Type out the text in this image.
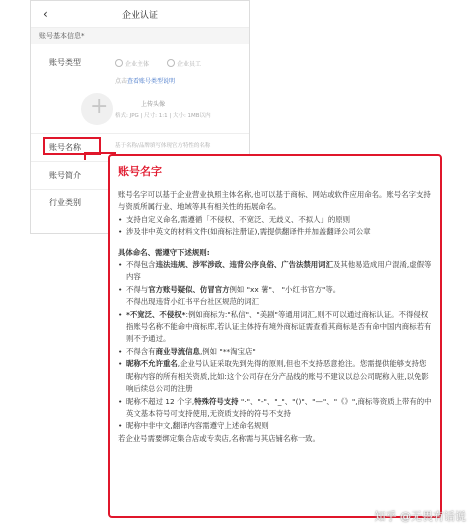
‹	企业认证
账号基本信息*
账号类型	企业主体	企业员工
点击查看账号类型说明
+	上传头像
格式: JPG | 尺寸: 1:1 | 大小: 1MB以内
账号名称	基于名称/品牌填写体现官方特性的名称
账号简介
行业类别
账号名字
账号名字可以基于企业营业执照主体名称,也可以基于商标、网站或软件应用命名。账号名字支持与资质所属行业、地域等具有相关性的拓展命名。
• 支持自定义命名,需遵循「不侵权、不宽泛、无歧义、不拟人」的原则
• 涉及非中英文的材料文件(如商标注册证),需提供翻译件并加盖翻译公司公章
具体命名、需遵守下述规则:
• 不得包含违法违规、涉军涉政、违背公序良俗、广告法禁用词汇及其他易造成用户混淆,虚假等内容
• 不得与官方账号疑似、仿冒官方例如 "xx 薯"、 "小红书官方"等。
不得出现违背小红书平台社区规范的词汇
• *不宽泛、不侵权*:例如商标为:"私信"、"美剧"等通用词汇,则不可以通过商标认证。不得侵权指账号名称不能命中商标库,若认证主体持有境外商标证需查看其商标是否有命中国内商标若有则不予通过。
• 不得含有商业导流信息,例如 "**淘宝店"
• 昵称不允许重名,企业号认证采取先到先得的原则,但也不支持恶意抢注。您需提供能够支持您昵称内容的所有相关资质,比如:这个公司存在分产品线的账号不建议以总公司昵称入驻,以免影响后续总公司的注册
• 昵称不超过 12 个字,特殊符号支持 "·"、"-"、"_"、"()"、"—"、"《》",商标等资质上带有的中英文基本符号可支持使用,无资质支持的符号不支持
• 昵称中非中文,翻译内容需遵守上述命名规则
若企业号需要绑定集合店或专卖店,名称需与其店铺名称一致。
知乎 @无畏有话说
